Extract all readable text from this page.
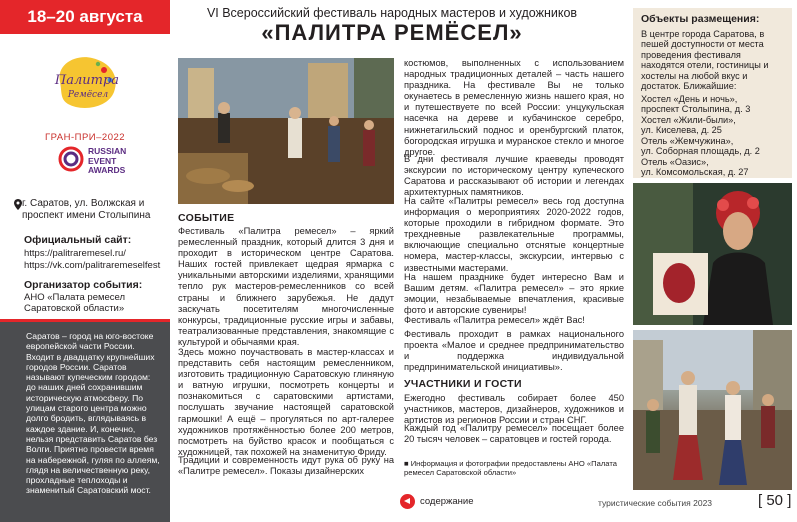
18–20 августа
Палитра
Ремёсел
ГРАН-ПРИ–2022
RUSSIAN
EVENT
AWARDS
г. Саратов, ул. Волжская и проспект имени Столыпина
Официальный сайт:
https://palitraremesel.ru/
https://vk.com/palitraremeselfest
Организатор события:
АНО «Палата ремесел Саратовской области»
Саратов – город на юго-востоке европейской части России. Входит в двадцатку крупнейших городов России. Саратов называют купеческим городом: до наших дней сохранившим историческую атмосферу. По улицам старого центра можно долго бродить, вглядываясь в каждое здание. И, конечно, нельзя представить Саратов без Волги. Приятно провести время на набережной, гуляя по аллеям, глядя на величественную реку, прохладные теплоходы и знаменитый Саратовский мост.
VI Всероссийский фестиваль народных мастеров и художников
«ПАЛИТРА РЕМЁСЕЛ»
СОБЫТИЕ
Фестиваль «Палитра ремесел» – яркий ремесленный праздник, который длится 3 дня и проходит в историческом центре Саратова. Наших гостей привлекает щедрая ярмарка с уникальными авторскими изделиями, хранящими тепло рук мастеров-ремесленников со всей страны и ближнего зарубежья. Не дадут заскучать посетителям многочисленные конкурсы, традиционные русские игры и забавы, театрализованные представления, знакомящие с культурой и обычаями края.
Здесь можно поучаствовать в мастер-классах и представить себя настоящим ремесленником, изготовить традиционную Саратовскую глиняную и ватную игрушки, посмотреть концерты и познакомиться с саратовскими артистами, послушать звучание настоящей саратовской гармошки! А ещё – прогуляться по арт-галерее художников протяжённостью более 200 метров, посмотреть на буйство красок и пообщаться с художницей, так похожей на знаменитую Фриду.
Традиции и современность идут рука об руку на «Палитре ремесел». Показы дизайнерских
костюмов, выполненных с использованием народных традиционных деталей – часть нашего праздника. На фестивале Вы не только окунаетесь в ремесленную жизнь нашего края, но и путешествуете по всей России: унцукульская насечка на дереве и кубачинское серебро, нижнетагильский поднос и оренбургский платок, богородская игрушка и муранское стекло и многое другое.
В дни фестиваля лучшие краеведы проводят экскурсии по историческому центру купеческого Саратова и рассказывают об истории и легендах архитектурных памятников.
На сайте «Палитры ремесел» весь год доступна информация о мероприятиях 2020-2022 годов, которые проходили в гибридном формате. Это трехдневные развлекательные программы, включающие специально отснятые концертные номера, мастер-классы, экскурсии, интервью с известными мастерами.
На нашем празднике будет интересно Вам и Вашим детям. «Палитра ремесел» – это яркие эмоции, незабываемые впечатления, красивые фото и авторские сувениры!
Фестиваль «Палитра ремесел» ждёт Вас!
Фестиваль проходит в рамках национального проекта «Малое и среднее предпринимательство и поддержка индивидуальной предпринимательской инициативы».
УЧАСТНИКИ И ГОСТИ
Ежегодно фестиваль собирает более 450 участников, мастеров, дизайнеров, художников и артистов из регионов России и стран СНГ.
Каждый год «Палитру ремесел» посещает более 20 тысяч человек – саратовцев и гостей города.
■ Информация и фотографии предоставлены АНО «Палата ремесел Саратовской области»
Объекты размещения:
В центре города Саратова, в пешей доступности от места проведения фестиваля находятся отели, гостиницы и хостелы на любой вкус и достаток. Ближайшие:
Хостел «День и ночь»,
проспект Столыпина, д. 3
Хостел «Жили-были»,
ул. Киселева, д. 25
Отель «Жемчужина»,
ул. Соборная площадь, д. 2
Отель «Оазис»,
ул. Комсомольская, д. 27
содержание	туристические события 2023	[ 50 ]
